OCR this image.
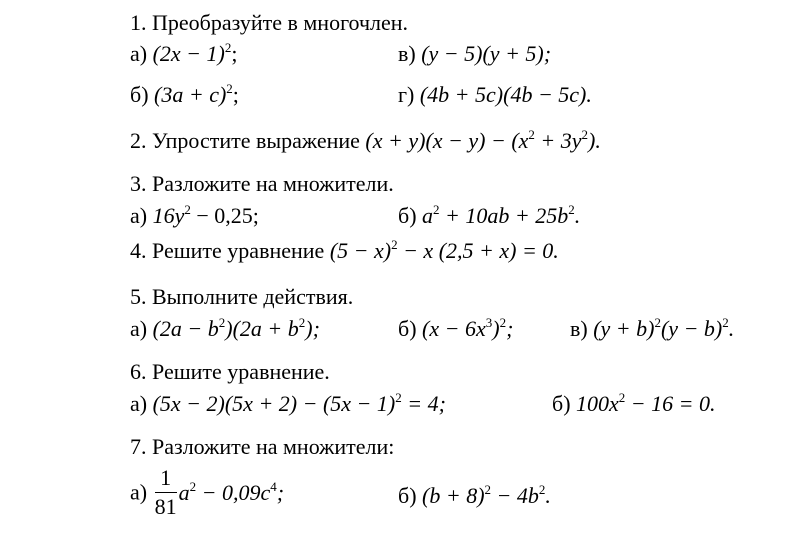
1. Преобразуйте в многочлен.
а) $(2x - 1)^2$;	в) (y − 5)(y + 5);
б) $(3a + c)^2$;	г) (4b + 5c)(4b − 5c).
2. Упростите выражение $(x + y)(x - y) - (x^2 + 3y^2)$.
3. Разложите на множители.
а) $16y^2 - 0,25$;	б) $a^2 + 10ab + 25b^2$.
4. Решите уравнение $(5 - x)^2 - x$ (2,5 + x) = 0.
5. Выполните действия.
а) $(2a - b^2)(2a + b^2)$;	б) $(x - 6x^3)^2$;	в) $(y + b)^2(y - b)^2$.
6. Решите уравнение.
а) $(5x - 2)(5x + 2) - (5x - 1)^2 = 4$;	б) $100x^2 - 16 = 0$.
7. Разложите на множители:
$а) \frac{1}{81} a^2 - 0,09c^4$;	б) $(b + 8)^2 - 4b^2$.
